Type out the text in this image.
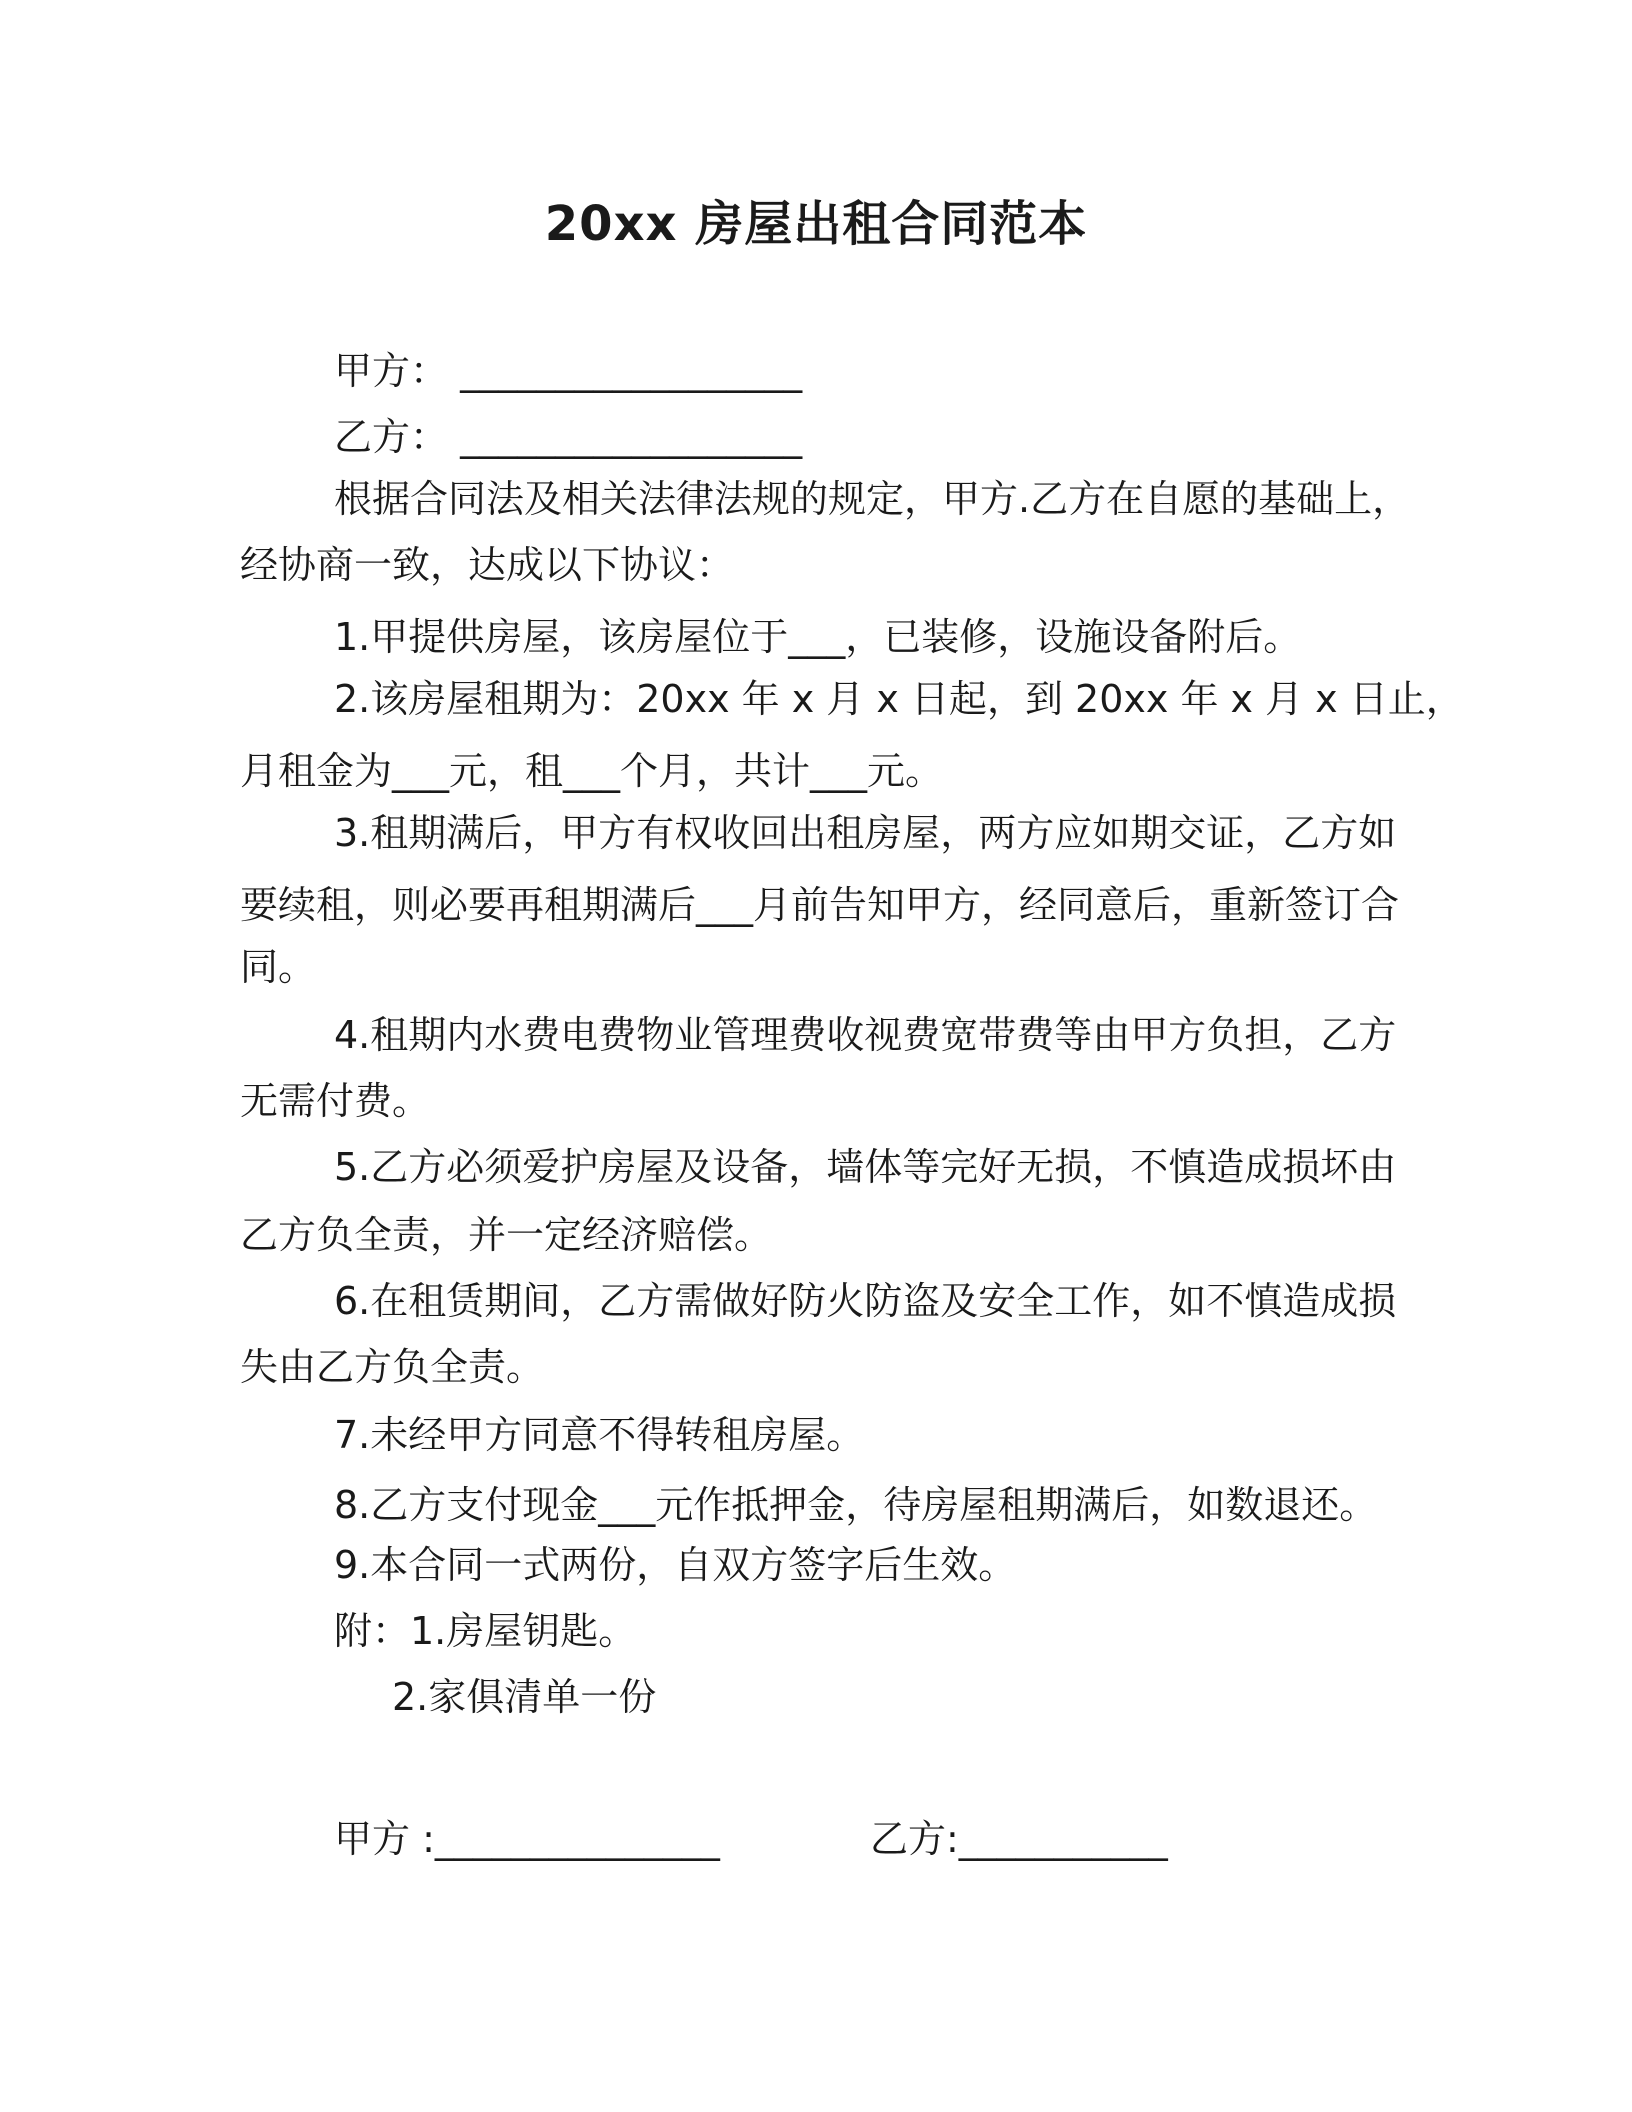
20xx 房屋出租合同范本
甲方： __________________
乙方： __________________
根据合同法及相关法律法规的规定，甲方.乙方在自愿的基础上，
经协商一致，达成以下协议：
1.甲提供房屋，该房屋位于___，已装修，设施设备附后。
2.该房屋租期为：20xx 年 x 月 x 日起，到 20xx 年 x 月 x 日止，
月租金为___元，租___个月，共计___元。
3.租期满后，甲方有权收回出租房屋，两方应如期交证，乙方如
要续租，则必要再租期满后___月前告知甲方，经同意后，重新签订合
同。
4.租期内水费电费物业管理费收视费宽带费等由甲方负担，乙方
无需付费。
5.乙方必须爱护房屋及设备，墙体等完好无损，不慎造成损坏由
乙方负全责，并一定经济赔偿。
6.在租赁期间，乙方需做好防火防盗及安全工作，如不慎造成损
失由乙方负全责。
7.未经甲方同意不得转租房屋。
8.乙方支付现金___元作抵押金，待房屋租期满后，如数退还。
9.本合同一式两份，自双方签字后生效。
附：1.房屋钥匙。
2.家俱清单一份
甲方 :_______________	乙方:___________
